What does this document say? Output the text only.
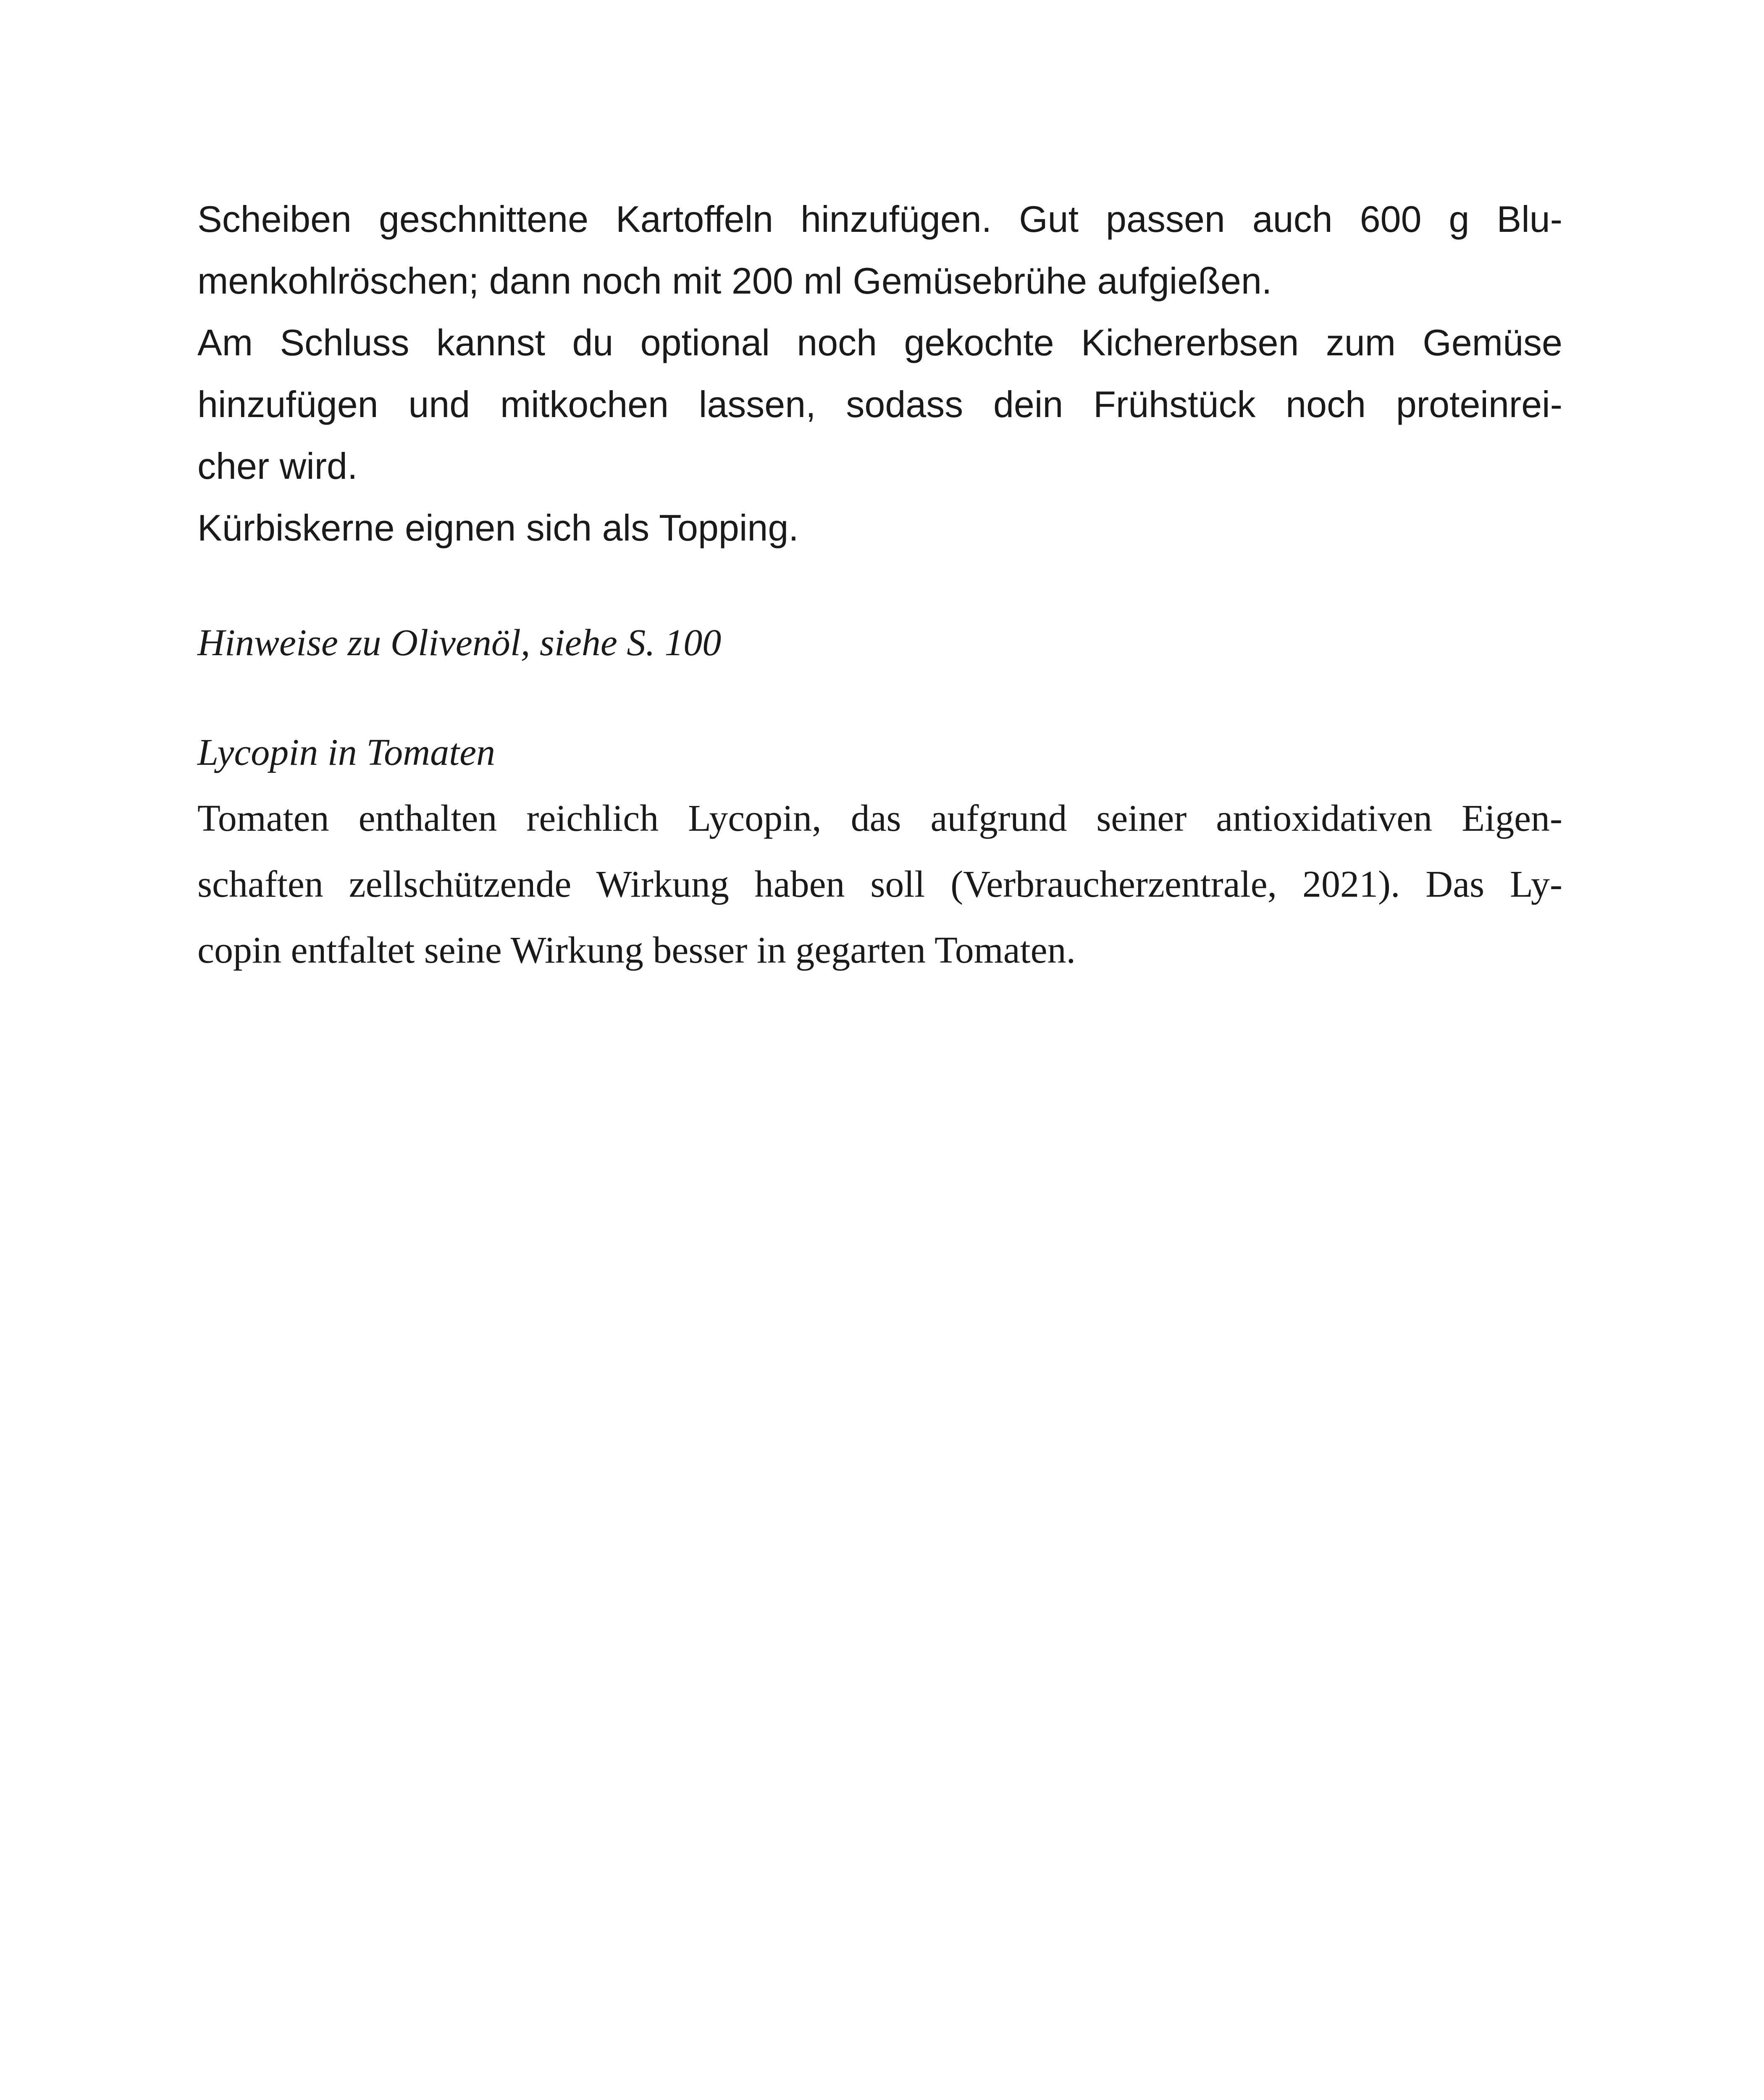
Scheiben geschnittene Kartoffeln hinzufügen. Gut passen auch 600 g Blu-
menkohlröschen; dann noch mit 200 ml Gemüsebrühe aufgießen.
Am Schluss kannst du optional noch gekochte Kichererbsen zum Gemüse
hinzufügen und mitkochen lassen, sodass dein Frühstück noch proteinrei-
cher wird.
Kürbiskerne eignen sich als Topping.
Hinweise zu Olivenöl, siehe S. 100
Lycopin in Tomaten
Tomaten enthalten reichlich Lycopin, das aufgrund seiner antioxidativen Eigen-
schaften zellschützende Wirkung haben soll (Verbraucherzentrale, 2021). Das Ly-
copin entfaltet seine Wirkung besser in gegarten Tomaten.
